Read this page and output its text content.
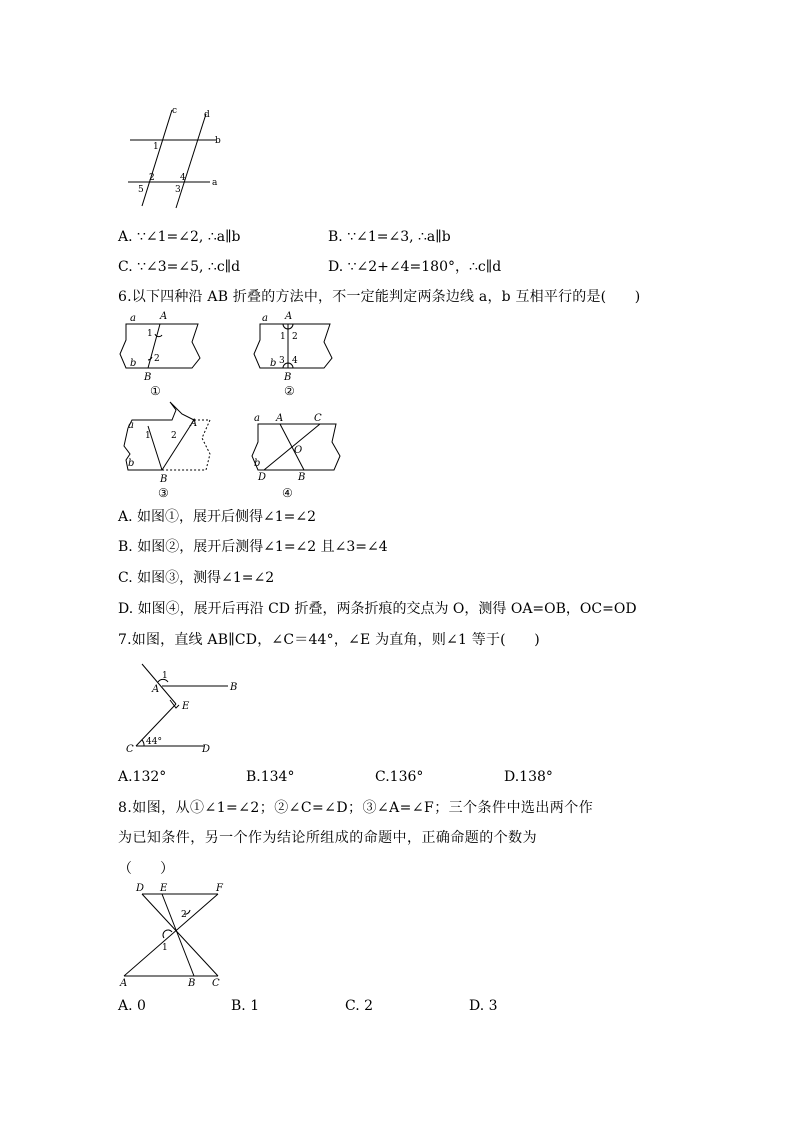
c	d
b
a
1
2
3
4
5

A. ∵∠1=∠2, ∴a∥b	B. ∵∠1=∠3, ∴a∥b

C. ∵∠3=∠5, ∴c∥d	D. ∵∠2+∠4=180°，∴c∥d

6.以下四种沿 AB 折叠的方法中，不一定能判定两条边线 a，b 互相平行的是(　　)

a A
1
2
b
B
①
a A
1 2
3 4
b
B
②
a	A
1 2
b
B
③
a A	C
O
b
D	B
④

A. 如图①，展开后侧得∠1=∠2

B. 如图②，展开后测得∠1=∠2 且∠3=∠4

C. 如图③，测得∠1=∠2

D. 如图④，展开后再沿 CD 折叠，两条折痕的交点为 O，测得 OA=OB，OC=OD

7.如图，直线 AB∥CD，∠C＝44°，∠E 为直角，则∠1 等于(　　)

1
A	B
E
44°
C	D

A.132°	B.134°	C.136°	D.138°

8.如图，从①∠1=∠2；②∠C=∠D；③∠A=∠F；三个条件中选出两个作

为已知条件，另一个作为结论所组成的命题中，正确命题的个数为

（　　）

D E	F
2
1
A	B C

A. 0	B. 1	C. 2	D. 3
